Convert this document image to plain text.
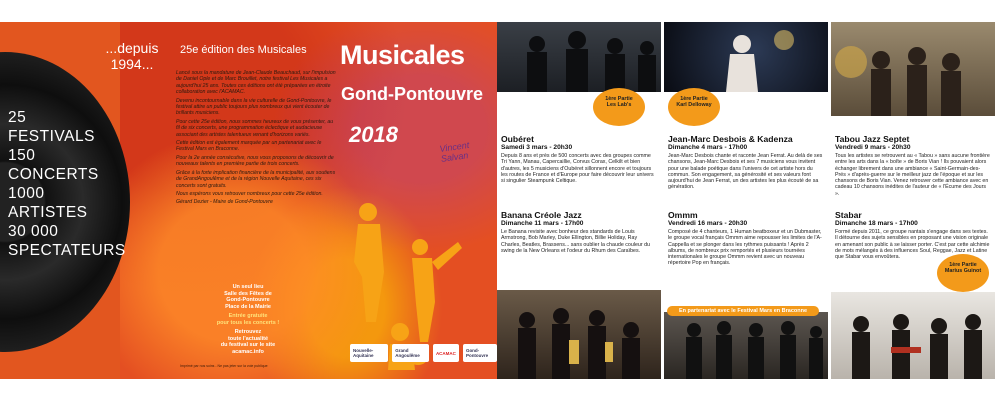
...depuis 1994...
25
FESTIVALS
150
CONCERTS
1000
ARTISTES
30 000
SPECTATEURS
25e édition des Musicales

Lancé sous la mandature de Jean-Claude Beauchaud, sur l'impulsion de Daniel Ople et de Marc Brouillet, notre festival Les Musicales a aujourd'hui 25 ans. Toutes ces éditions ont été préparées en étroite collaboration avec l'ACAMAC.

Devenu incontournable dans la vie culturelle de Gond-Pontouvre, le festival attire un public toujours plus nombreux qui vient écouter de brillants musiciens.

Pour cette 25e édition, nous sommes heureux de vous présenter, au fil de six concerts, une programmation éclectique et audacieuse associant des artistes talentueux venant d'horizons variés.

Cette édition est également marquée par un partenariat avec le Festival Mars en Braconne.

Pour la 2e année consécutive, nous vous proposons de découvrir de nouveaux talents en première partie de trois concerts.

Grâce à la forte implication financière de la municipalité, aux soutiens de GrandAngoulême et de la région Nouvelle Aquitaine, ces six concerts sont gratuits.

Nous espérons vous retrouver nombreux pour cette 25e édition.

Gérard Dezier - Maire de Gond-Pontouvre

Un seul lieu
Salle des Fêtes de
Gond-Pontouvre
Place de la Mairie
Entrée gratuite
pour tous les concerts !
Retrouvez
toute l'actualité
du festival sur le site
acamac.info
Imprimé par nos soins - Ne pas jeter sur la voie publique
Musicales
Gond-Pontouvre
2018	Vincent Salvan
Nouvelle-Aquitaine
Grand Angoulême	ACAMAC	Gond-Pontouvre
1ère Partie
Les Lab's
Oubéret
Samedi 3 mars - 20h30

Depuis 8 ans et près de 500 concerts avec des groupes comme Tri Yann, Manau, Capercaillie, Corvus Corax, Celkilt et bien d'autres, les 5 musiciens d'Oubéret sillonnent encore et toujours les routes de France et d'Europe pour faire découvrir leur univers si singulier Steampunk Celtique.

Banana Créole Jazz
Dimanche 11 mars - 17h00

Le Banana revisite avec bonheur des standards de Louis Armstrong, Bob Marley, Duke Ellington, Billie Holiday, Ray Charles, Beatles, Brassens... sans oublier la chaude couleur du swing de la New Orleans et l'odeur du Rhum des Caraïbes.

1ère Partie
Karl Delloway
Jean-Marc Desbois & Kadenza
Dimanche 4 mars - 17h00

Jean-Marc Desbois chante et raconte Jean Ferrat. Au delà de ses chansons, Jean-Marc Desbois et ses 7 musiciens vous invitent pour une balade poétique dans l'univers de cet artiste hors du commun. Son engagement, sa générosité et ses valeurs font aujourd'hui de Jean Ferrat, un des artistes les plus écouté de sa génération.

Ommm
Vendredi 16 mars - 20h30

Composé de 4 chanteurs, 1 Human beatboxeur et un Dubmaster, le groupe vocal français Ommm aime repousser les limites de l'A-Cappella et se plonger dans les rythmes puissants ! Après 2 albums, de nombreux prix remportés et plusieurs tournées internationales le groupe Ommm revient avec un nouveau répertoire Pop en français.

En partenariat avec le Festival Mars en Braconne
Tabou Jazz Septet
Vendredi 9 mars - 20h30

Tous les artistes se retrouvent au « Tabou » sans aucune frontière entre les arts dans la « boîte » de Boris Vian ! Ils pouvaient alors échanger librement dans une ambiance « Saint-Germain-des-Prés » d'après-guerre sur le meilleur jazz de l'époque et sur les chansons de Boris Vian. Venez retrouver cette ambiance avec en cadeau 10 chansons inédites de l'auteur de « l'Écume des Jours ».

Stabar
Dimanche 18 mars - 17h00

Formé depuis 2011, ce groupe nantais s'engage dans ses textes. Il détourne des sujets sensibles en proposant une vision originale en amenant son public à se laisser porter. C'est par cette alchimie de mots mélangés à des influences Soul, Reggae, Jazz et Latine que Stabar vous envoûtera.

1ère Partie
Marius Guinot
